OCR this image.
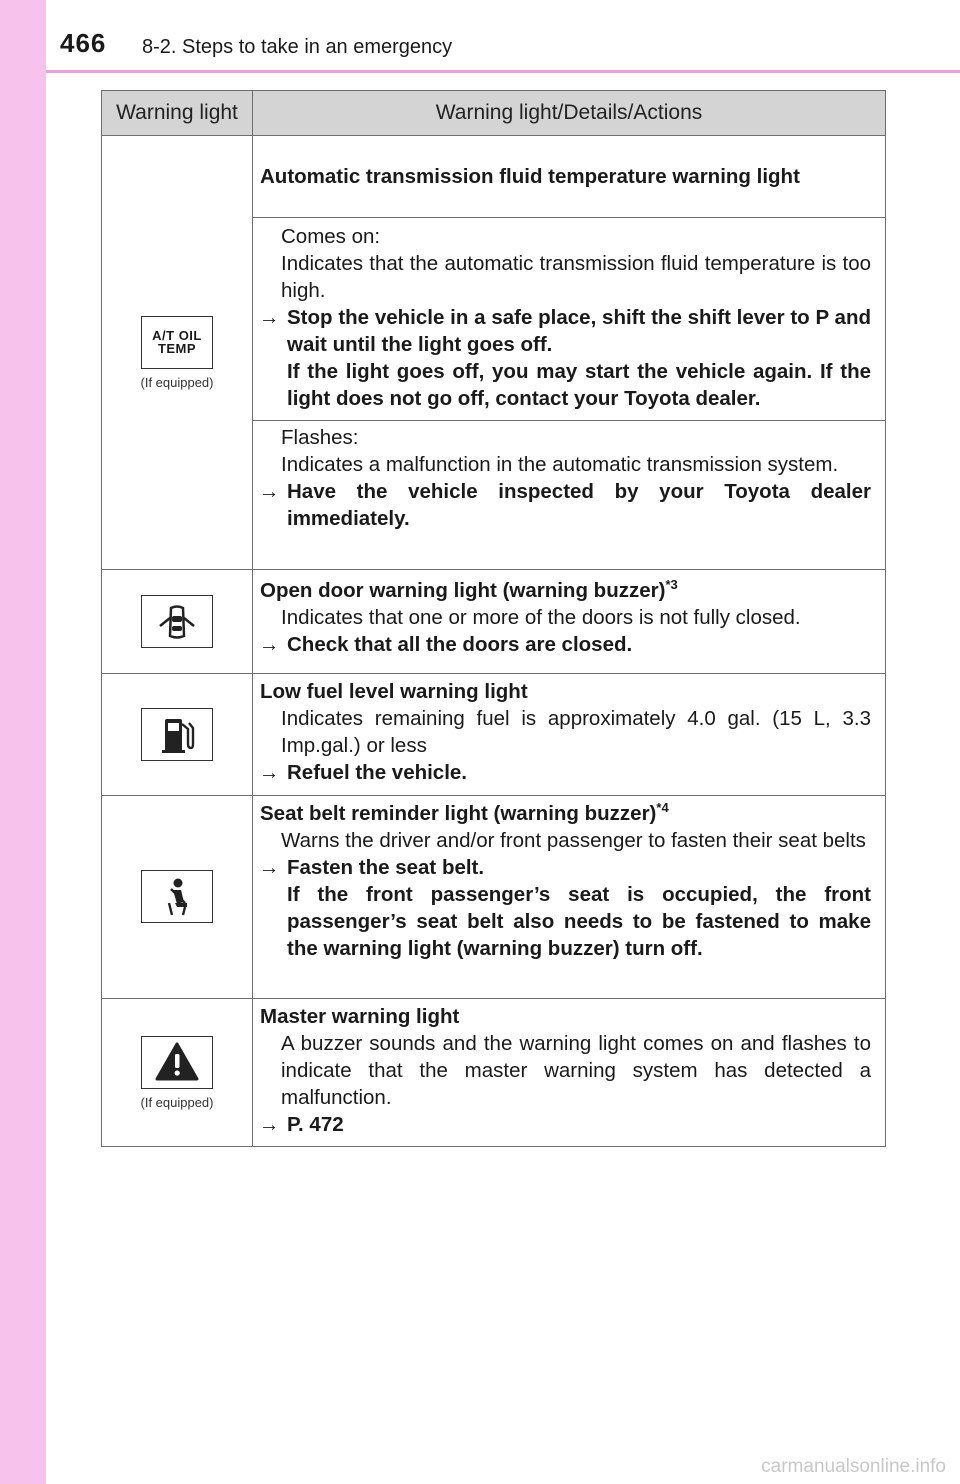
466 8-2. Steps to take in an emergency
Warning light	Warning light/Details/Actions

A/T OIL
TEMP
(If equipped)	Automatic transmission fluid temperature warning light

	Comes on:
Indicates that the automatic transmission fluid temperature is too high.
→ Stop the vehicle in a safe place, shift the shift lever to P and wait until the light goes off.
If the light goes off, you may start the vehicle again. If the light does not go off, contact your Toyota dealer.

	Flashes:
Indicates a malfunction in the automatic transmission system.
→ Have the vehicle inspected by your Toyota dealer immediately.

Open door warning light (warning buzzer)$^{*3}$
Indicates that one or more of the doors is not fully closed.
→ Check that all the doors are closed.

Low fuel level warning light
Indicates remaining fuel is approximately 4.0 gal. (15 L, 3.3 Imp.gal.) or less
→ Refuel the vehicle.

Seat belt reminder light (warning buzzer)$^{*4}$
Warns the driver and/or front passenger to fasten their seat belts
→ Fasten the seat belt.
If the front passenger’s seat is occupied, the front passenger’s seat belt also needs to be fastened to make the warning light (warning buzzer) turn off.

(If equipped)	Master warning light
A buzzer sounds and the warning light comes on and flashes to indicate that the master warning system has detected a malfunction.
→ P. 472
carmanualsonline.info
